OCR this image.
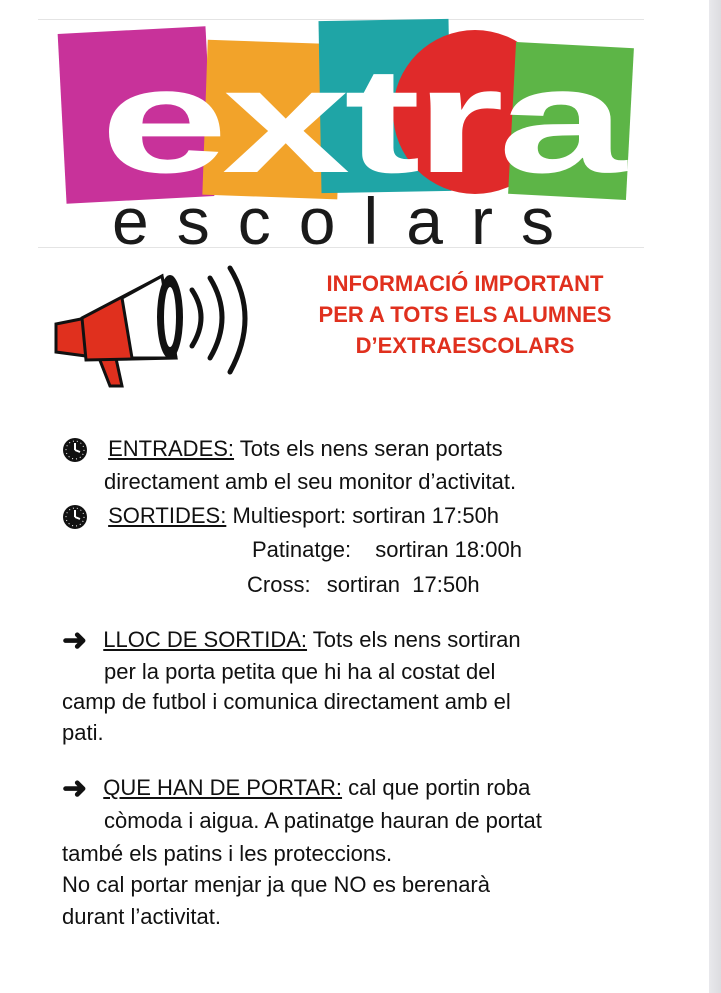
extra
escolars
INFORMACIÓ IMPORTANT
PER A TOTS ELS ALUMNES
D’EXTRAESCOLARS
ENTRADES: Tots els nens seran portats
directament amb el seu monitor d’activitat.
SORTIDES: Multiesport: sortiran 17:50h
Patinatge: sortiran 18:00h
Cross: sortiran  17:50h
➜ LLOC DE SORTIDA: Tots els nens sortiran
per la porta petita que hi ha al costat del
camp de futbol i comunica directament amb el
pati.
➜ QUE HAN DE PORTAR: cal que portin roba
còmoda i aigua. A patinatge hauran de portat
també els patins i les proteccions.
No cal portar menjar ja que NO es berenarà
durant l’activitat.
